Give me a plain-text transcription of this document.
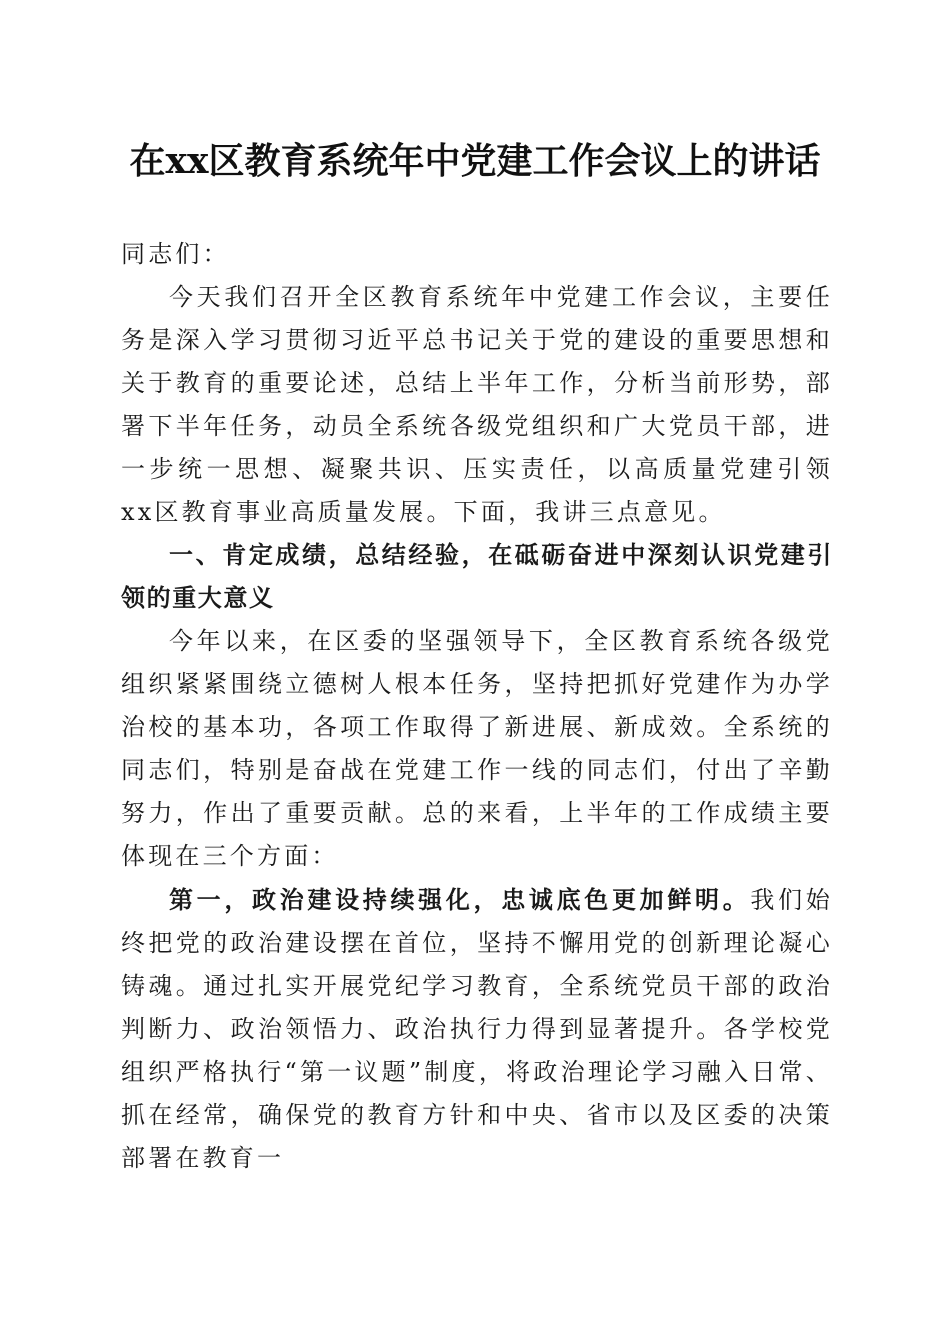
在xx区教育系统年中党建工作会议上的讲话

同志们：

今天我们召开全区教育系统年中党建工作会议，主要任务是深入学习贯彻习近平总书记关于党的建设的重要思想和关于教育的重要论述，总结上半年工作，分析当前形势，部署下半年任务，动员全系统各级党组织和广大党员干部，进一步统一思想、凝聚共识、压实责任，以高质量党建引领xx区教育事业高质量发展。下面，我讲三点意见。

一、肯定成绩，总结经验，在砥砺奋进中深刻认识党建引领的重大意义

今年以来，在区委的坚强领导下，全区教育系统各级党组织紧紧围绕立德树人根本任务，坚持把抓好党建作为办学治校的基本功，各项工作取得了新进展、新成效。全系统的同志们，特别是奋战在党建工作一线的同志们，付出了辛勤努力，作出了重要贡献。总的来看，上半年的工作成绩主要体现在三个方面：

第一，政治建设持续强化，忠诚底色更加鲜明。我们始终把党的政治建设摆在首位，坚持不懈用党的创新理论凝心铸魂。通过扎实开展党纪学习教育，全系统党员干部的政治判断力、政治领悟力、政治执行力得到显著提升。各学校党组织严格执行“第一议题”制度，将政治理论学习融入日常、抓在经常，确保党的教育方针和中央、省市以及区委的决策部署在教育一
